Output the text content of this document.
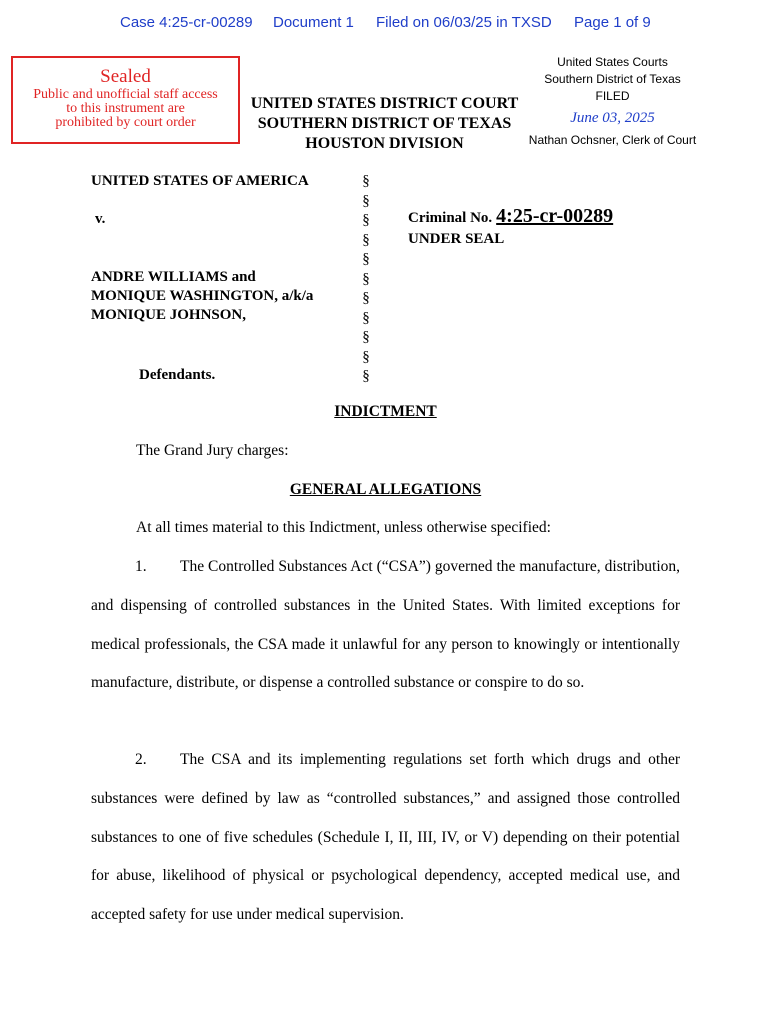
Case 4:25-cr-00289 Document 1 Filed on 06/03/25 in TXSD Page 1 of 9
Sealed
Public and unofficial staff access
to this instrument are
prohibited by court order
UNITED STATES DISTRICT COURT
SOUTHERN DISTRICT OF TEXAS
HOUSTON DIVISION
United States Courts
Southern District of Texas
FILED
June 03, 2025
Nathan Ochsner, Clerk of Court
UNITED STATES OF AMERICA
v.
ANDRE WILLIAMS and
MONIQUE WASHINGTON, a/k/a
MONIQUE JOHNSON,
Defendants.
§
§
§
§
§
§
§
§
§
§
§
Criminal No. 4:25-cr-00289
UNDER SEAL
INDICTMENT
The Grand Jury charges:
GENERAL ALLEGATIONS
At all times material to this Indictment, unless otherwise specified:
1. The Controlled Substances Act (“CSA”) governed the manufacture, distribution, and dispensing of controlled substances in the United States. With limited exceptions for medical professionals, the CSA made it unlawful for any person to knowingly or intentionally manufacture, distribute, or dispense a controlled substance or conspire to do so.
2. The CSA and its implementing regulations set forth which drugs and other substances were defined by law as “controlled substances,” and assigned those controlled substances to one of five schedules (Schedule I, II, III, IV, or V) depending on their potential for abuse, likelihood of physical or psychological dependency, accepted medical use, and accepted safety for use under medical supervision.
